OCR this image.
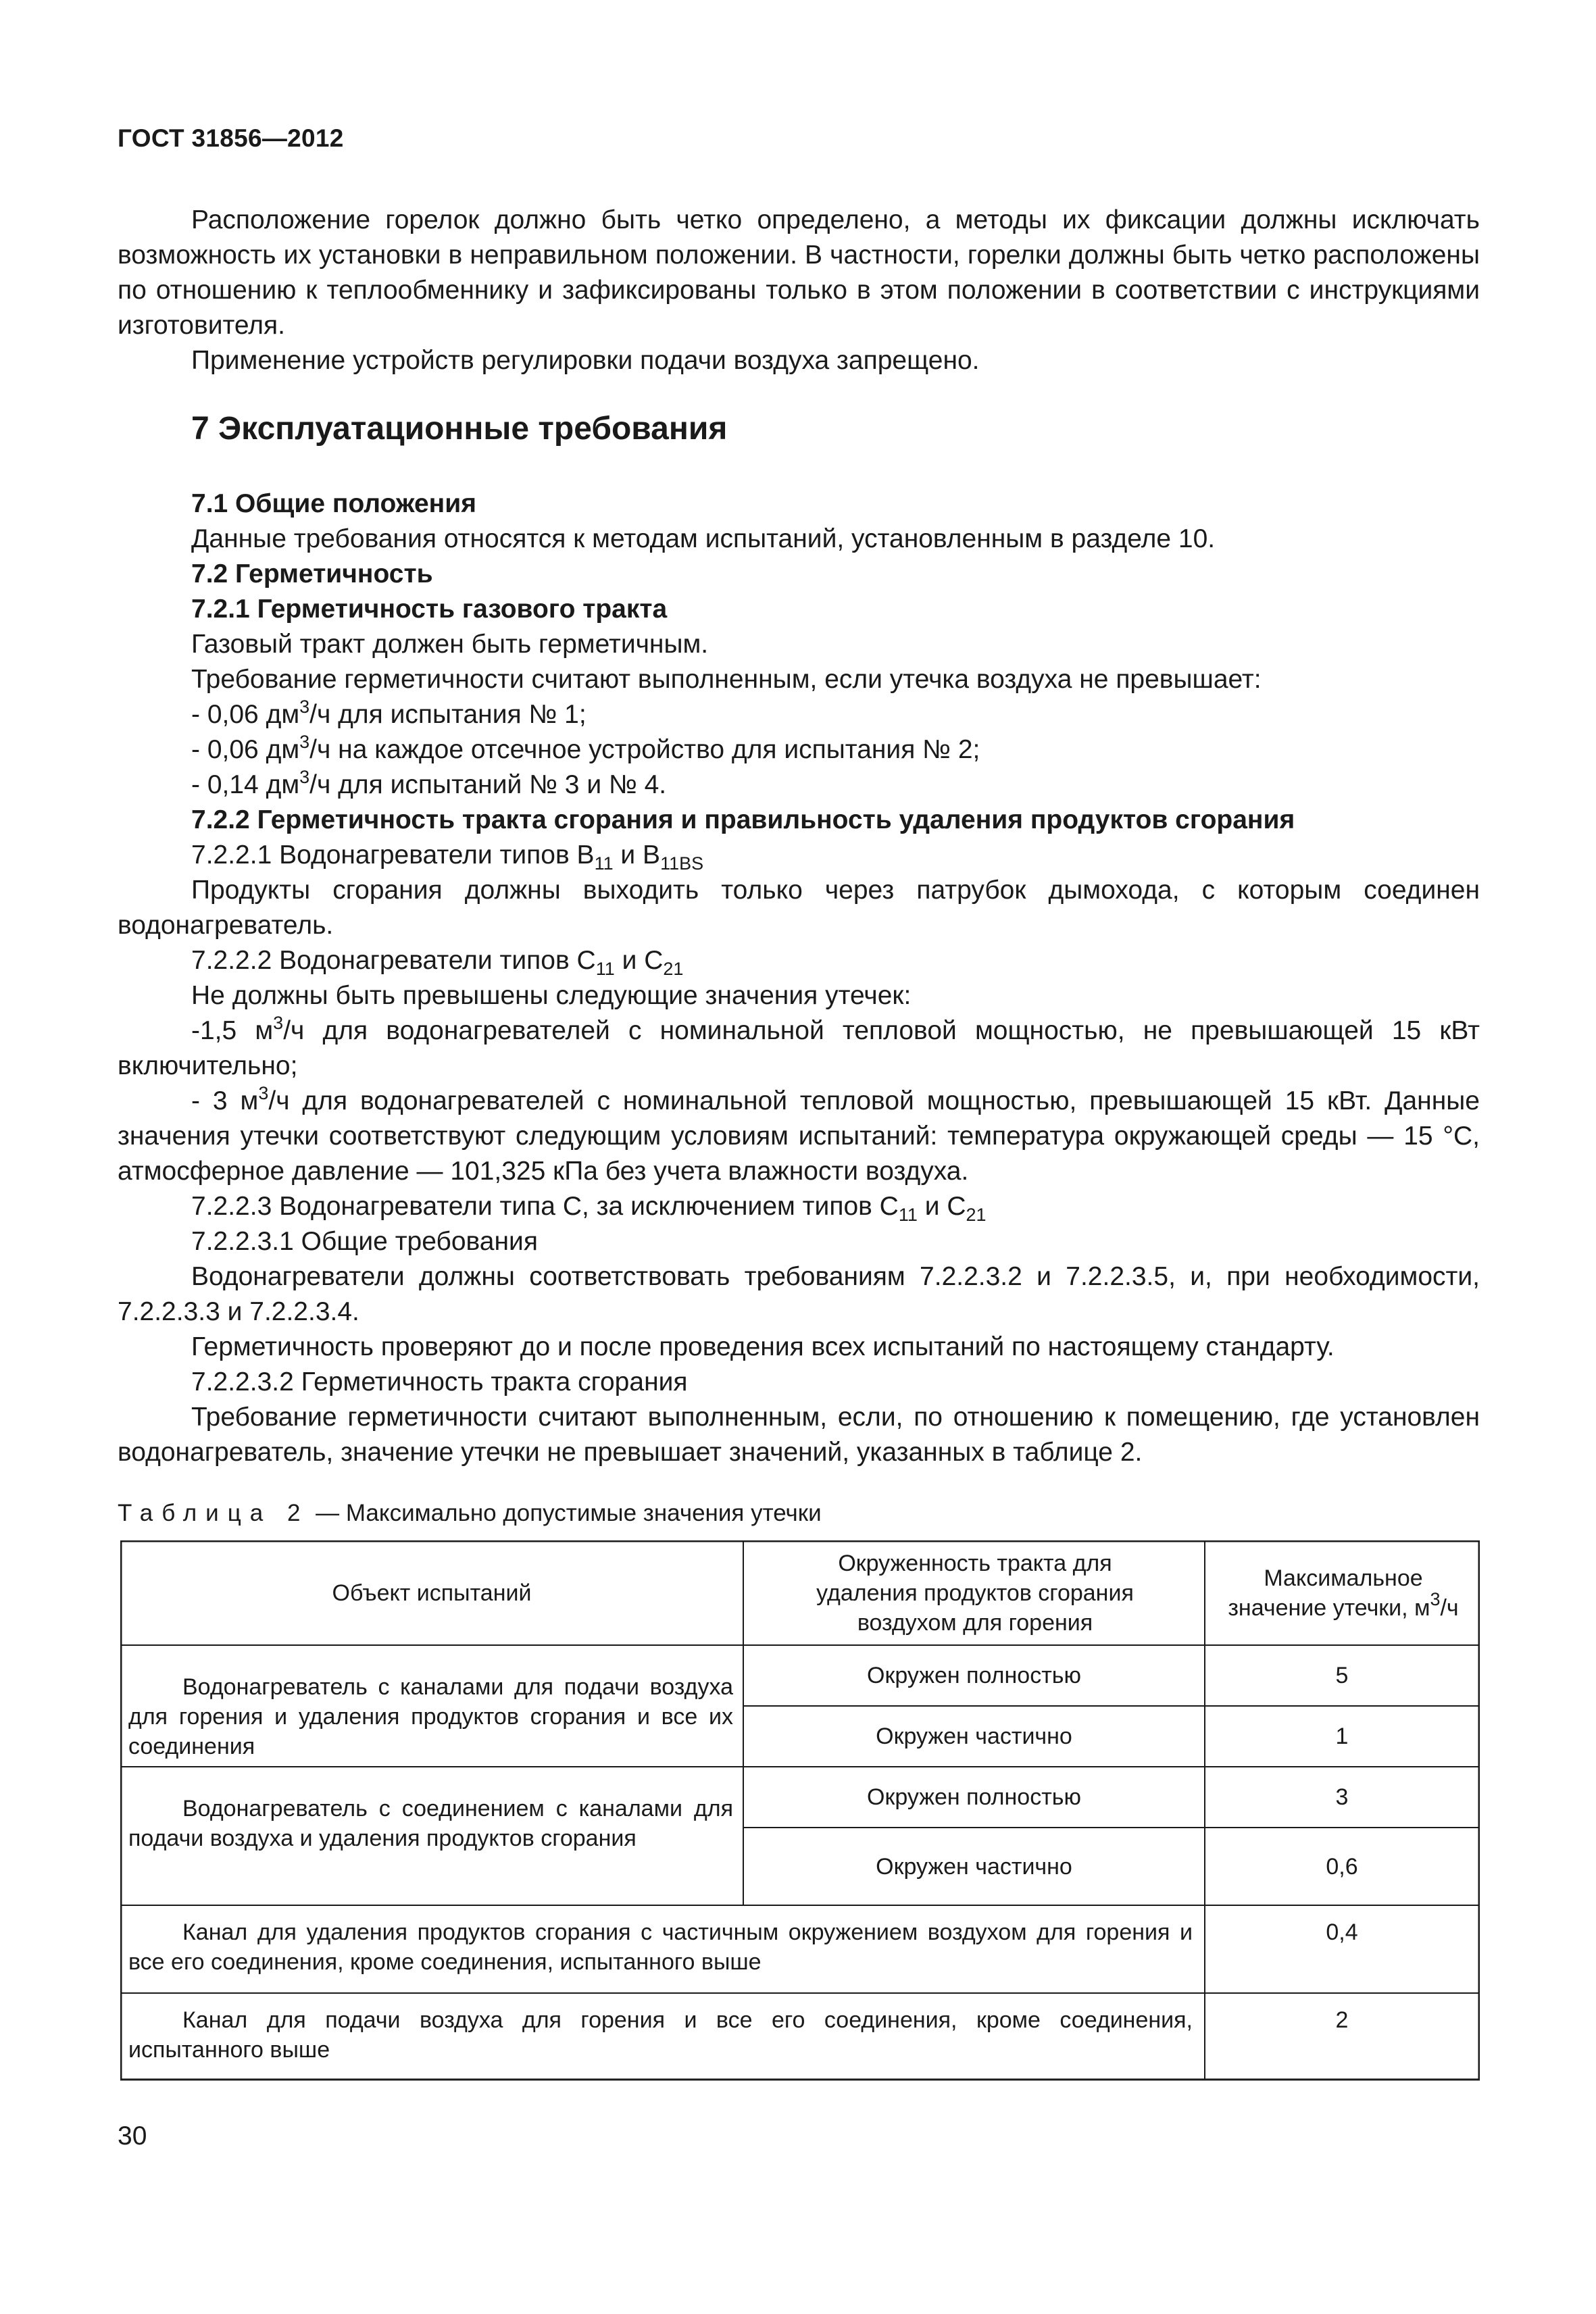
ГОСТ 31856—2012

Расположение горелок должно быть четко определено, а методы их фиксации должны исключать возможность их установки в неправильном положении. В частности, горелки должны быть четко расположены по отношению к теплообменнику и зафиксированы только в этом положении в соответствии с инструкциями изготовителя.

Применение устройств регулировки подачи воздуха запрещено.

7 Эксплуатационные требования

7.1 Общие положения

Данные требования относятся к методам испытаний, установленным в разделе 10.

7.2 Герметичность

7.2.1 Герметичность газового тракта

Газовый тракт должен быть герметичным.

Требование герметичности считают выполненным, если утечка воздуха не превышает:

- 0,06 $дм^3/ч$ для испытания № 1;

- 0,06 $дм^3/ч$ на каждое отсечное устройство для испытания № 2;

- 0,14 $дм^3/ч$ для испытаний № 3 и № 4.

7.2.2 Герметичность тракта сгорания и правильность удаления продуктов сгорания

7.2.2.1 Водонагреватели типов $B_{11}$ и $B_{11BS}$

Продукты сгорания должны выходить только через патрубок дымохода, с которым соединен водонагреватель.

7.2.2.2 Водонагреватели типов $C_{11}$ и $C_{21}$

Не должны быть превышены следующие значения утечек:

-1,5 $м^3/ч$ для водонагревателей с номинальной тепловой мощностью, не превышающей 15 кВт включительно;

- 3 $м^3/ч$ для водонагревателей с номинальной тепловой мощностью, превышающей 15 кВт. Данные значения утечки соответствуют следующим условиям испытаний: температура окружающей среды — 15 °С, атмосферное давление — 101,325 кПа без учета влажности воздуха.

7.2.2.3 Водонагреватели типа C, за исключением типов $C_{11}$ и $C_{21}$

7.2.2.3.1 Общие требования

Водонагреватели должны соответствовать требованиям 7.2.2.3.2 и 7.2.2.3.5, и, при необходимости, 7.2.2.3.3 и 7.2.2.3.4.

Герметичность проверяют до и после проведения всех испытаний по настоящему стандарту.

7.2.2.3.2 Герметичность тракта сгорания

Требование герметичности считают выполненным, если, по отношению к помещению, где установлен водонагреватель, значение утечки не превышает значений, указанных в таблице 2.

Таблица 2 — Максимально допустимые значения утечки
Объект испытаний
Окруженность тракта для удаления продуктов сгорания воздухом для горения
Максимальное значение утечки, $м^3/ч$
Водонагреватель с каналами для подачи воздуха для горения и удаления продуктов сгорания и все их соединения
Окружен полностью	5
Окружен частично	1
Водонагреватель с соединением с каналами для подачи воздуха и удаления продуктов сгорания
Окружен полностью	3
Окружен частично	0,6
Канал для удаления продуктов сгорания с частичным окружением воздухом для горения и все его соединения, кроме соединения, испытанного выше
0,4
Канал для подачи воздуха для горения и все его соединения, кроме соединения, испытанного выше
2
30
